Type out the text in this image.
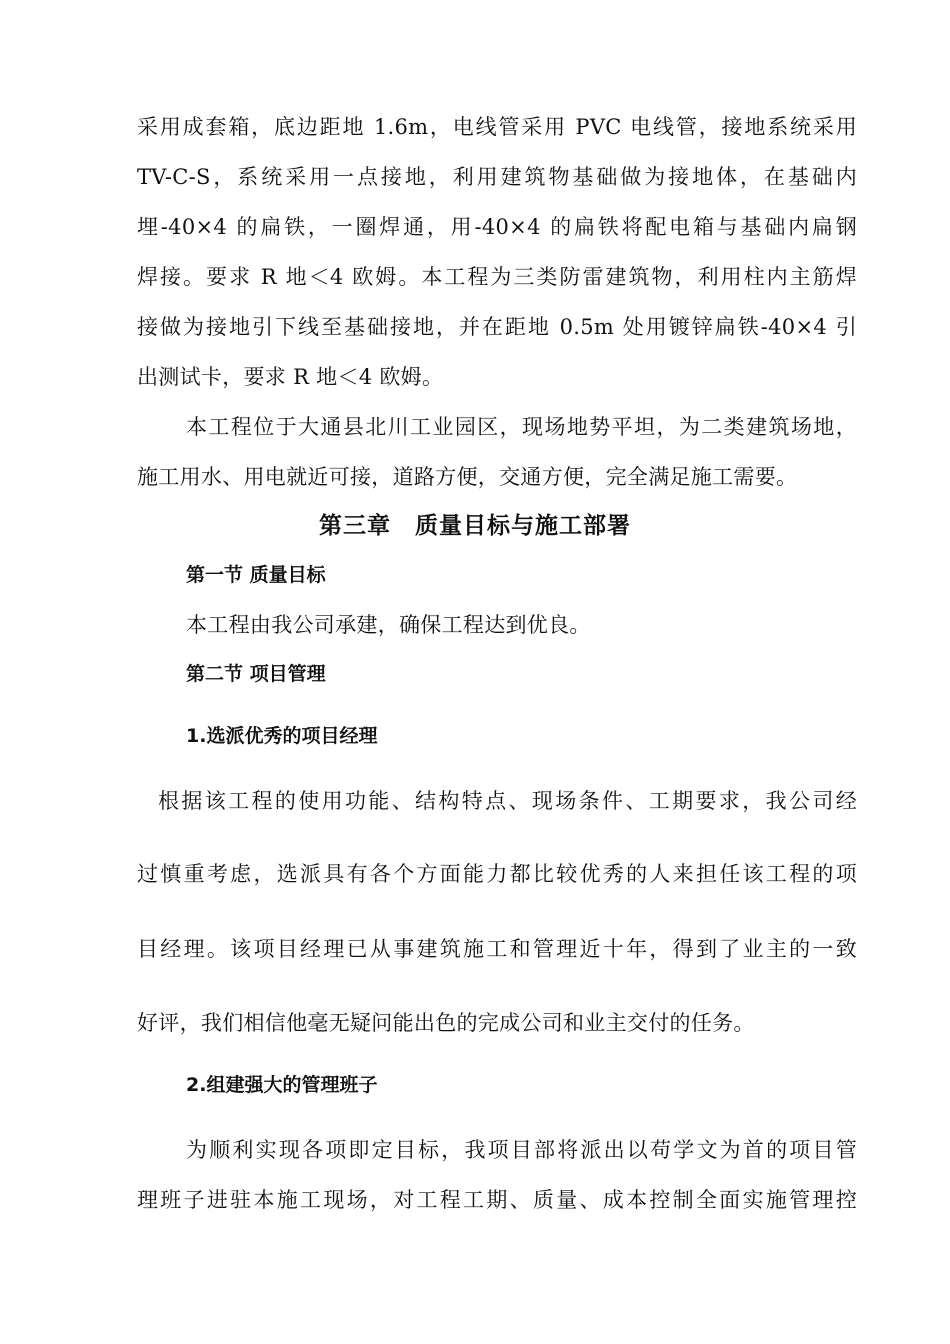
采用成套箱，底边距地 1.6m，电线管采用 PVC 电线管，接地系统采用
TV-C-S，系统采用一点接地，利用建筑物基础做为接地体，在基础内
埋-40×4 的扁铁，一圈焊通，用-40×4 的扁铁将配电箱与基础内扁钢
焊接。要求 R 地＜4 欧姆。本工程为三类防雷建筑物，利用柱内主筋焊
接做为接地引下线至基础接地，并在距地 0.5m 处用镀锌扁铁-40×4 引
出测试卡，要求 R 地＜4 欧姆。
本工程位于大通县北川工业园区，现场地势平坦，为二类建筑场地，
施工用水、用电就近可接，道路方便，交通方便，完全满足施工需要。
第三章　质量目标与施工部署
第一节 质量目标
本工程由我公司承建，确保工程达到优良。
第二节 项目管理
1.选派优秀的项目经理
根据该工程的使用功能、结构特点、现场条件、工期要求，我公司经
过慎重考虑，选派具有各个方面能力都比较优秀的人来担任该工程的项
目经理。该项目经理已从事建筑施工和管理近十年，得到了业主的一致
好评，我们相信他毫无疑问能出色的完成公司和业主交付的任务。
2.组建强大的管理班子
为顺利实现各项即定目标，我项目部将派出以苟学文为首的项目管
理班子进驻本施工现场，对工程工期、质量、成本控制全面实施管理控
